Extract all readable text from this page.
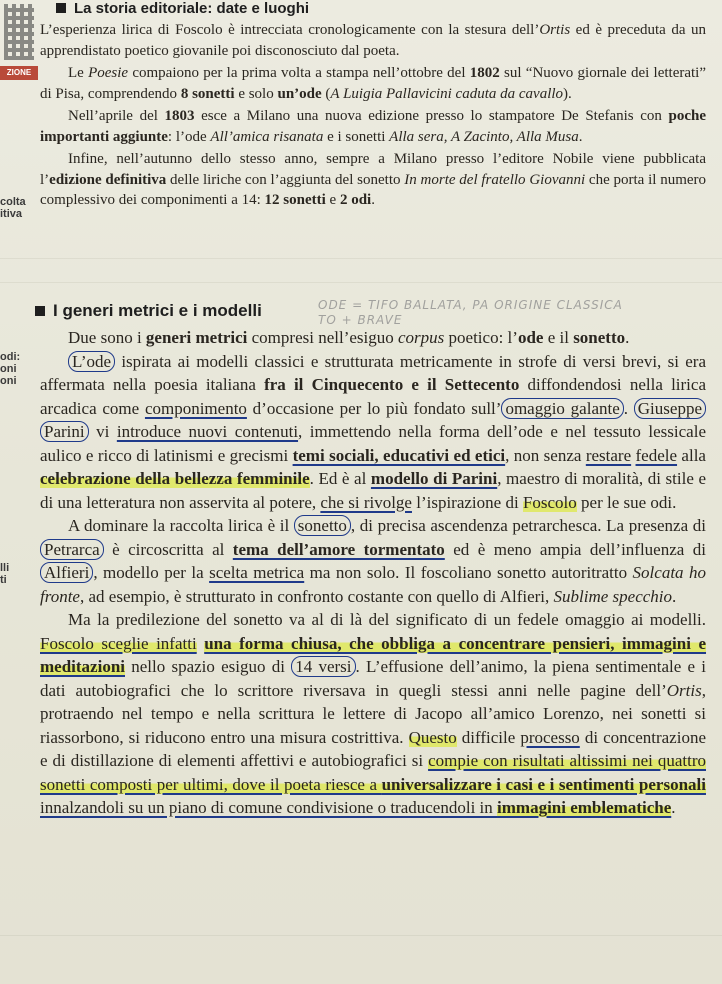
ZIONE
colta
itiva
odi:
oni
oni
lli
ti
La storia editoriale: date e luoghi

L’esperienza lirica di Foscolo è intrecciata cronologicamente con la stesura dell’Ortis ed è preceduta da un apprendistato poetico giovanile poi disconosciuto dal poeta.

Le Poesie compaiono per la prima volta a stampa nell’ottobre del 1802 sul “Nuovo giornale dei letterati” di Pisa, comprendendo 8 sonetti e solo un’ode (A Luigia Pallavicini caduta da cavallo).

Nell’aprile del 1803 esce a Milano una nuova edizione presso lo stampatore De Stefanis con poche importanti aggiunte: l’ode All’amica risanata e i sonetti Alla sera, A Zacinto, Alla Musa.

Infine, nell’autunno dello stesso anno, sempre a Milano presso l’editore Nobile viene pubblicata l’edizione definitiva delle liriche con l’aggiunta del sonetto In morte del fratello Giovanni che porta il numero complessivo dei componimenti a 14: 12 sonetti e 2 odi.

I generi metrici e i modelli	ODE = TIFO BALLATA, PA ORIGINE CLASSICA
TO + BRAVE

Due sono i generi metrici compresi nell’esiguo corpus poetico: l’ode e il sonetto.

L’ode ispirata ai modelli classici e strutturata metricamente in strofe di versi brevi, si era affermata nella poesia italiana fra il Cinquecento e il Settecento diffondendosi nella lirica arcadica come componimento d’occasione per lo più fondato sull’ omaggio galante . Giuseppe Parini vi introduce nuovi contenuti, immettendo nella forma dell’ode e nel tessuto lessicale aulico e ricco di latinismi e grecismi temi sociali, educativi ed etici, non senza restare fedele alla celebrazione della bellezza femminile. Ed è al modello di Parini, maestro di moralità, di stile e di una letteratura non asservita al potere, che si rivolge l’ispirazione di Foscolo per le sue odi.

A dominare la raccolta lirica è il sonetto , di precisa ascendenza petrarchesca. La presenza di Petrarca è circoscritta al tema dell’amore tormentato ed è meno ampia dell’influenza di Alfieri , modello per la scelta metrica ma non solo. Il foscoliano sonetto autoritratto Solcata ho fronte, ad esempio, è strutturato in confronto costante con quello di Alfieri, Sublime specchio.

Ma la predilezione del sonetto va al di là del significato di un fedele omaggio ai modelli. Foscolo sceglie infatti una forma chiusa, che obbliga a concentrare pensieri, immagini e meditazioni nello spazio esiguo di 14 versi . L’effusione dell’animo, la piena sentimentale e i dati autobiografici che lo scrittore riversava in quegli stessi anni nelle pagine dell’Ortis, protraendo nel tempo e nella scrittura le lettere di Jacopo all’amico Lorenzo, nei sonetti si riassorbono, si riducono entro una misura costrittiva. Questo difficile processo di concentrazione e di distillazione di elementi affettivi e autobiografici si compie con risultati altissimi nei quattro sonetti composti per ultimi, dove il poeta riesce a universalizzare i casi e i sentimenti personali innalzandoli su un piano di comune condivisione o traducendoli in immagini emblematiche.
